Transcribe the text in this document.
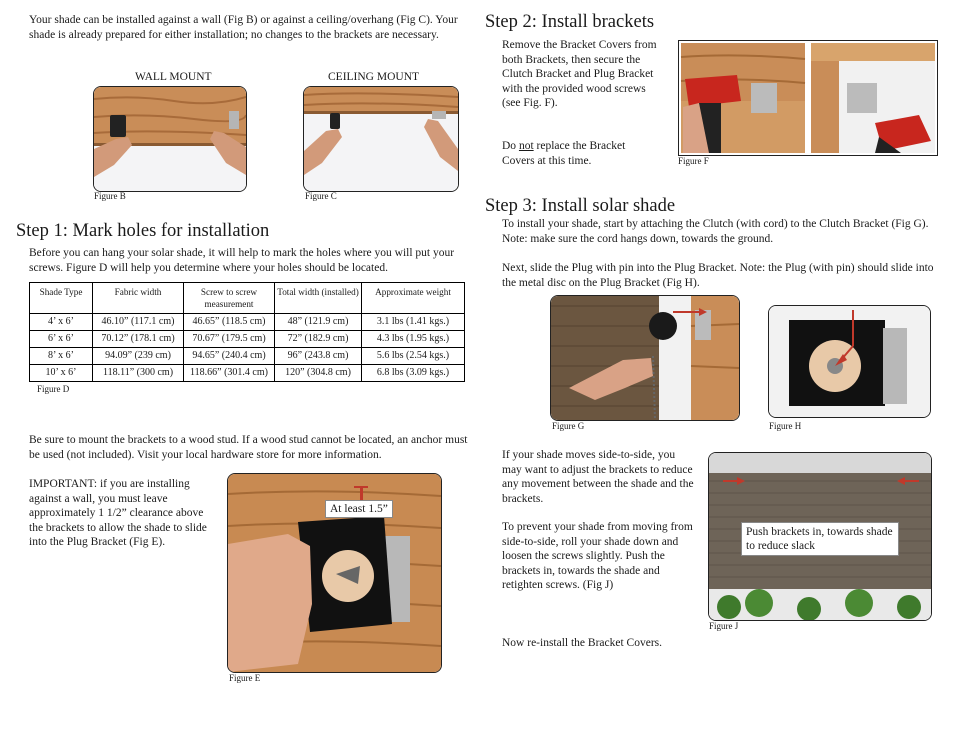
Your shade can be installed against a wall (Fig B) or against a ceiling/overhang (Fig C). Your shade is already prepared for either installation; no changes to the brackets are necessary.
WALL MOUNT	CEILING MOUNT
Figure B	Figure C
Step 1: Mark holes for installation
Before you can hang your solar shade, it will help to mark the holes where you will put your screws. Figure D will help you determine where your holes should be located.
Shade Type	Fabric width	Screw to screw measurement	Total width (installed)	Approximate weight
4’ x 6’	46.10” (117.1 cm)	46.65” (118.5 cm)	48” (121.9 cm)	3.1 lbs (1.41 kgs.)
6’ x 6’	70.12” (178.1 cm)	70.67” (179.5 cm)	72” (182.9 cm)	4.3 lbs (1.95 kgs.)
8’ x 6’	94.09” (239 cm)	94.65” (240.4 cm)	96” (243.8 cm)	5.6 lbs (2.54 kgs.)
10’ x 6’	118.11” (300 cm)	118.66” (301.4 cm)	120” (304.8 cm)	6.8 lbs (3.09 kgs.)
Figure D
Be sure to mount the brackets to a wood stud. If a wood stud cannot be located, an anchor must be used (not included). Visit your local hardware store for more information.
IMPORTANT: if you are installing against a wall, you must leave approximately 1 1/2” clearance above the brackets to allow the shade to slide into the Plug Bracket (Fig E).
At least 1.5”
Figure E
Step 2: Install brackets
Remove the Bracket Covers from both Brackets, then secure the Clutch Bracket and Plug Bracket with the provided wood screws (see Fig. F).
Do not replace the Bracket Covers at this time.	Figure F
Step 3: Install solar shade
To install your shade, start by attaching the Clutch (with cord) to the Clutch Bracket (Fig G). Note: make sure the cord hangs down, towards the ground.
Next, slide the Plug with pin into the Plug Bracket. Note: the Plug (with pin) should slide into the metal disc on the Plug Bracket (Fig H).
Figure G	Figure H
If your shade moves side-to-side, you may want to adjust the brackets to reduce any movement between the shade and the brackets.
To prevent your shade from moving from side-to-side, roll your shade down and loosen the screws slightly. Push the brackets in, towards the shade and retighten screws. (Fig J)
Push brackets in, towards shade to reduce slack
Figure J
Now re-install the Bracket Covers.
